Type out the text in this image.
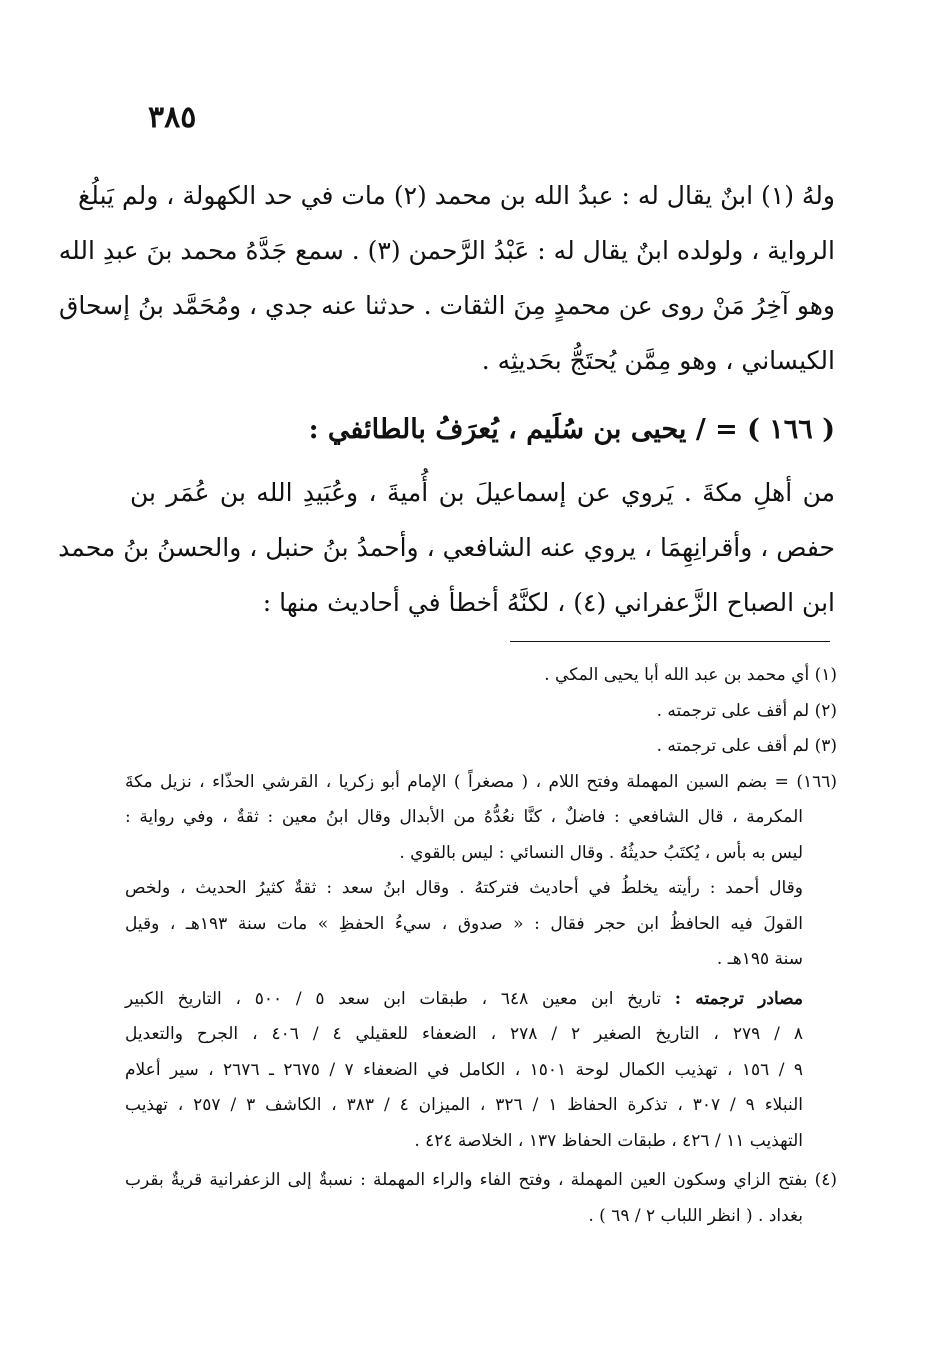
٣٨٥
ولهُ (١) ابنٌ يقال له : عبدُ الله بن محمد (٢) مات في حد الكهولة ، ولم يَبلُغ
الرواية ، ولولده ابنٌ يقال له : عَبْدُ الرَّحمن (٣) . سمع جَدَّهُ محمد بنَ عبدِ الله
وهو آخِرُ مَنْ روى عن محمدٍ مِنَ الثقات . حدثنا عنه جدي ، ومُحَمَّد بنُ إسحاق
الكيساني ، وهو مِمَّن يُحتَجُّ بحَديثِه .
( ١٦٦ ) = / يحيى بن سُلَيم ، يُعرَفُ بالطائفي :
من أهلِ مكةَ . يَروي عن إسماعيلَ بن أُميةَ ، وعُبَيدِ الله بن عُمَر بن
حفص ، وأقرانِهِمَا ، يروي عنه الشافعي ، وأحمدُ بنُ حنبل ، والحسنُ بنُ محمد
ابن الصباح الزَّعفراني (٤) ، لكنَّهُ أخطأ في أحاديث منها :
(١) أي محمد بن عبد الله أبا يحيى المكي .
(٢) لم أقف على ترجمته .
(٣) لم أقف على ترجمته .
(١٦٦) = بضم السين المهملة وفتح اللام ، ( مصغراً ) الإمام أبو زكريا ، القرشي الحذّاء ، نزيل مكةَ
المكرمة ، قال الشافعي : فاضلٌ ، كنَّا نعُدُّهُ من الأبدال وقال ابنُ معين : ثقةٌ ، وفي رواية :
ليس به بأس ، يُكتَبُ حديثُهُ . وقال النسائي : ليس بالقوي .
وقال أحمد : رأيته يخلطُ في أحاديث فتركتهُ . وقال ابنُ سعد : ثقةٌ كثيرُ الحديث ، ولخص
القولَ فيه الحافظُ ابن حجر فقال : « صدوق ، سيءُ الحفظِ » مات سنة ١٩٣هـ ، وقيل
سنة ١٩٥هـ .
مصادر ترجمته : تاريخ ابن معين ٦٤٨ ، طبقات ابن سعد ٥ / ٥٠٠ ، التاريخ الكبير
٨ / ٢٧٩ ، التاريخ الصغير ٢ / ٢٧٨ ، الضعفاء للعقيلي ٤ / ٤٠٦ ، الجرح والتعديل
٩ / ١٥٦ ، تهذيب الكمال لوحة ١٥٠١ ، الكامل في الضعفاء ٧ / ٢٦٧٥ ـ ٢٦٧٦ ، سير أعلام
النبلاء ٩ / ٣٠٧ ، تذكرة الحفاظ ١ / ٣٢٦ ، الميزان ٤ / ٣٨٣ ، الكاشف ٣ / ٢٥٧ ، تهذيب
التهذيب ١١ / ٤٢٦ ، طبقات الحفاظ ١٣٧ ، الخلاصة ٤٢٤ .
(٤) بفتح الزاي وسكون العين المهملة ، وفتح الفاء والراء المهملة : نسبةٌ إلى الزعفرانية قريةٌ بقرب
بغداد . ( انظر اللباب ٢ / ٦٩ ) .
